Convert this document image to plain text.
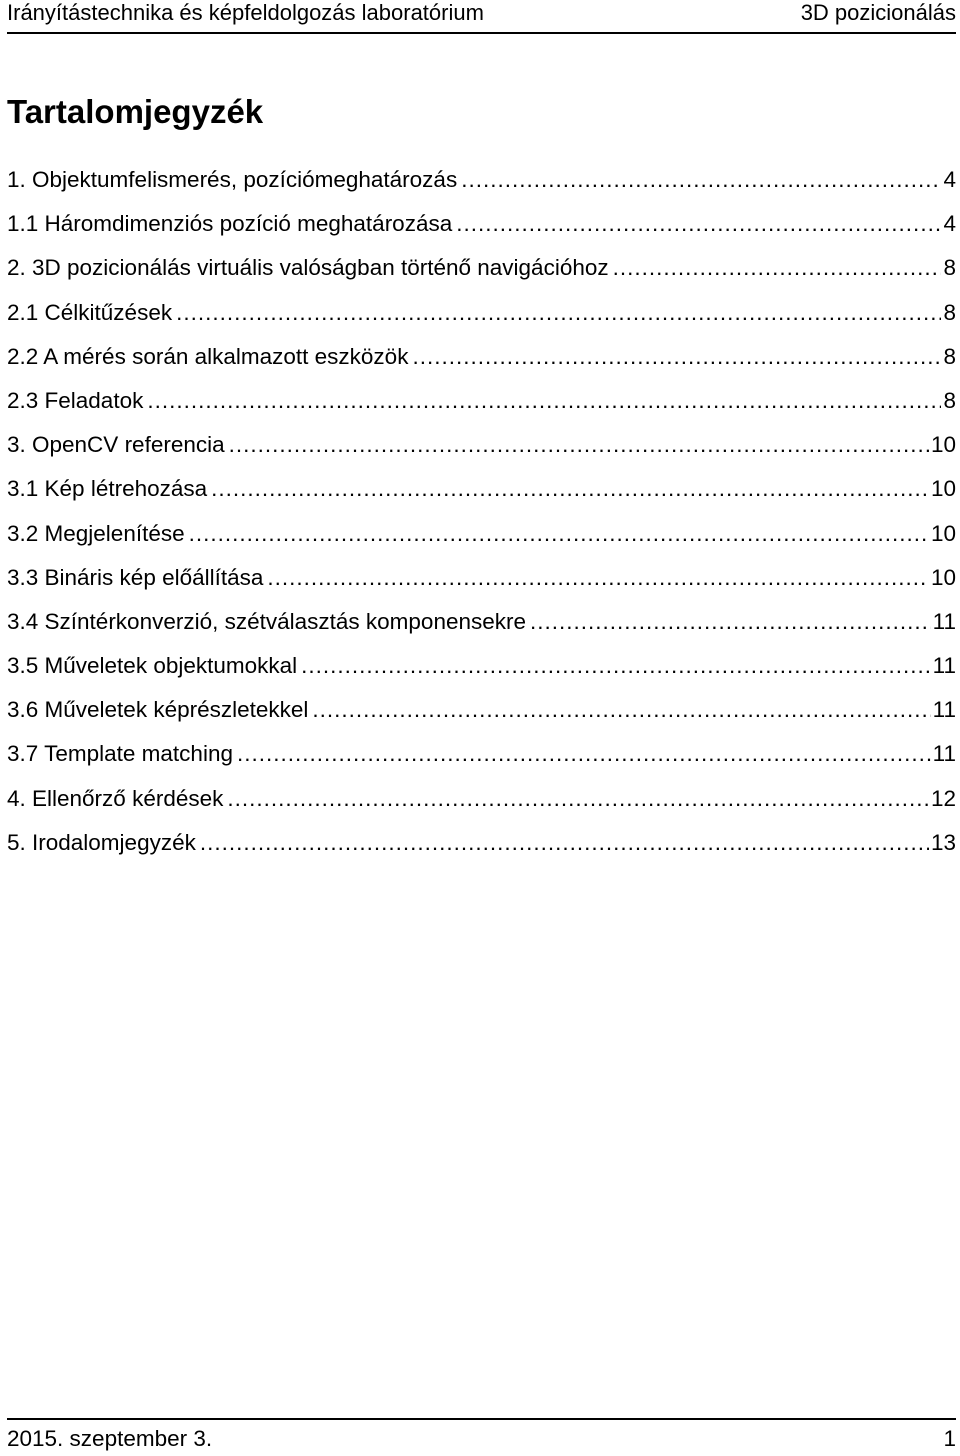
Irányítástechnika és képfeldolgozás laboratórium	3D pozicionálás
Tartalomjegyzék
1. Objektumfelismerés, pozíciómeghatározás .....	4
1.1 Háromdimenziós pozíció meghatározása .....	4
2. 3D pozicionálás virtuális valóságban történő navigációhoz .....	8
2.1 Célkitűzések .....	8
2.2 A mérés során alkalmazott eszközök .....	8
2.3 Feladatok .....	8
3. OpenCV referencia .....	10
3.1 Kép létrehozása .....	10
3.2 Megjelenítése .....	10
3.3 Bináris kép előállítása .....	10
3.4 Színtérkonverzió, szétválasztás komponensekre .....	11
3.5 Műveletek objektumokkal .....	11
3.6 Műveletek képrészletekkel .....	11
3.7 Template matching .....	11
4. Ellenőrző kérdések .....	12
5. Irodalomjegyzék .....	13
2015. szeptember 3.	1
